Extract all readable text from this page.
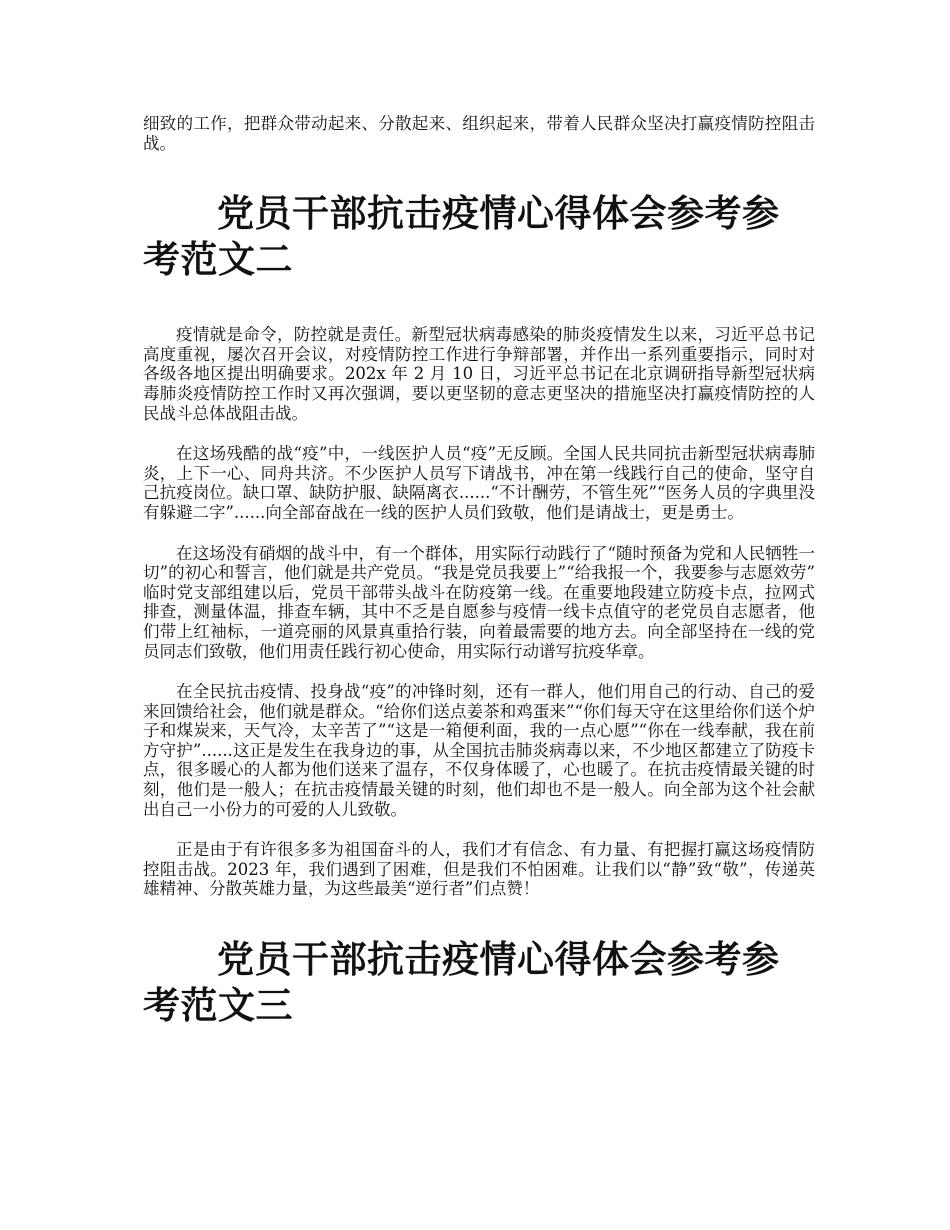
细致的工作，把群众带动起来、分散起来、组织起来，带着人民群众坚决打赢疫情防控阻击战。

党员干部抗击疫情心得体会参考参考范文二

疫情就是命令，防控就是责任。新型冠状病毒感染的肺炎疫情发生以来，习近平总书记高度重视，屡次召开会议，对疫情防控工作进行争辩部署，并作出一系列重要指示，同时对各级各地区提出明确要求。202x 年 2 月 10 日，习近平总书记在北京调研指导新型冠状病毒肺炎疫情防控工作时又再次强调，要以更坚韧的意志更坚决的措施坚决打赢疫情防控的人民战斗总体战阻击战。

在这场残酷的战“疫”中，一线医护人员“疫”无反顾。全国人民共同抗击新型冠状病毒肺炎，上下一心、同舟共济。不少医护人员写下请战书，冲在第一线践行自己的使命，坚守自己抗疫岗位。缺口罩、缺防护服、缺隔离衣......“不计酬劳，不管生死”“医务人员的字典里没有躲避二字”......向全部奋战在一线的医护人员们致敬，他们是请战士，更是勇士。

在这场没有硝烟的战斗中，有一个群体，用实际行动践行了“随时预备为党和人民牺牲一切”的初心和誓言，他们就是共产党员。“我是党员我要上”“给我报一个，我要参与志愿效劳”临时党支部组建以后，党员干部带头战斗在防疫第一线。在重要地段建立防疫卡点，拉网式排查，测量体温，排查车辆，其中不乏是自愿参与疫情一线卡点值守的老党员自志愿者，他们带上红袖标，一道亮丽的风景真重拾行装，向着最需要的地方去。向全部坚持在一线的党员同志们致敬，他们用责任践行初心使命，用实际行动谱写抗疫华章。

在全民抗击疫情、投身战“疫”的冲锋时刻，还有一群人，他们用自己的行动、自己的爱来回馈给社会，他们就是群众。“给你们送点姜茶和鸡蛋来”“你们每天守在这里给你们送个炉子和煤炭来，天气冷，太辛苦了”“这是一箱便利面，我的一点心愿”“你在一线奉献，我在前方守护”......这正是发生在我身边的事，从全国抗击肺炎病毒以来，不少地区都建立了防疫卡点，很多暖心的人都为他们送来了温存，不仅身体暖了，心也暖了。在抗击疫情最关键的时刻，他们是一般人；在抗击疫情最关键的时刻，他们却也不是一般人。向全部为这个社会献出自己一小份力的可爱的人儿致敬。

正是由于有许很多多为祖国奋斗的人，我们才有信念、有力量、有把握打赢这场疫情防控阻击战。2023 年，我们遇到了困难，但是我们不怕困难。让我们以“静”致“敬”，传递英雄精神、分散英雄力量，为这些最美“逆行者”们点赞！

党员干部抗击疫情心得体会参考参考范文三
